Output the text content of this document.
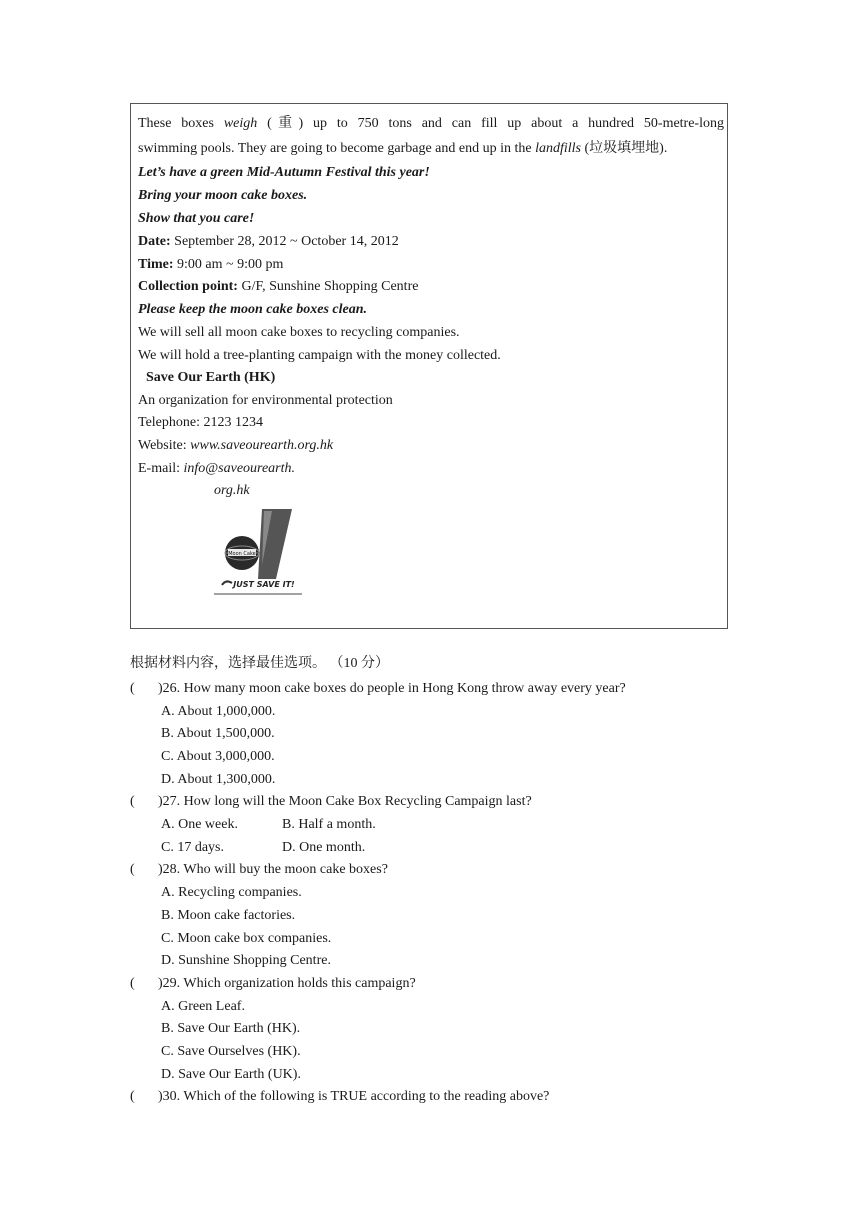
These boxes weigh (重) up to 750 tons and can fill up about a hundred 50-metre-long
swimming pools. They are going to become garbage and end up in the landfills (垃圾填埋地).
Let’s have a green Mid-Autumn Festival this year!
Bring your moon cake boxes.
Show that you care!
Date: September 28, 2012 ~ October 14, 2012
Time: 9:00 am ~ 9:00 pm
Collection point: G/F, Sunshine Shopping Centre
Please keep the moon cake boxes clean.
We will sell all moon cake boxes to recycling companies.
We will hold a tree-planting campaign with the money collected.
Save Our Earth (HK)
An organization for environmental protection
Telephone: 2123 1234
Website: www.saveourearth.org.hk
E-mail: info@saveourearth.
org.hk
Moon Cake
JUST SAVE IT!
根据材料内容，选择最佳选项。 （10 分）
( )26. How many moon cake boxes do people in Hong Kong throw away every year?
A. About 1,000,000.
B. About 1,500,000.
C. About 3,000,000.
D. About 1,300,000.
( )27. How long will the Moon Cake Box Recycling Campaign last?
A. One week.	B. Half a month.
C. 17 days.	D. One month.
( )28. Who will buy the moon cake boxes?
A. Recycling companies.
B. Moon cake factories.
C. Moon cake box companies.
D. Sunshine Shopping Centre.
( )29. Which organization holds this campaign?
A. Green Leaf.
B. Save Our Earth (HK).
C. Save Ourselves (HK).
D. Save Our Earth (UK).
( )30. Which of the following is TRUE according to the reading above?
